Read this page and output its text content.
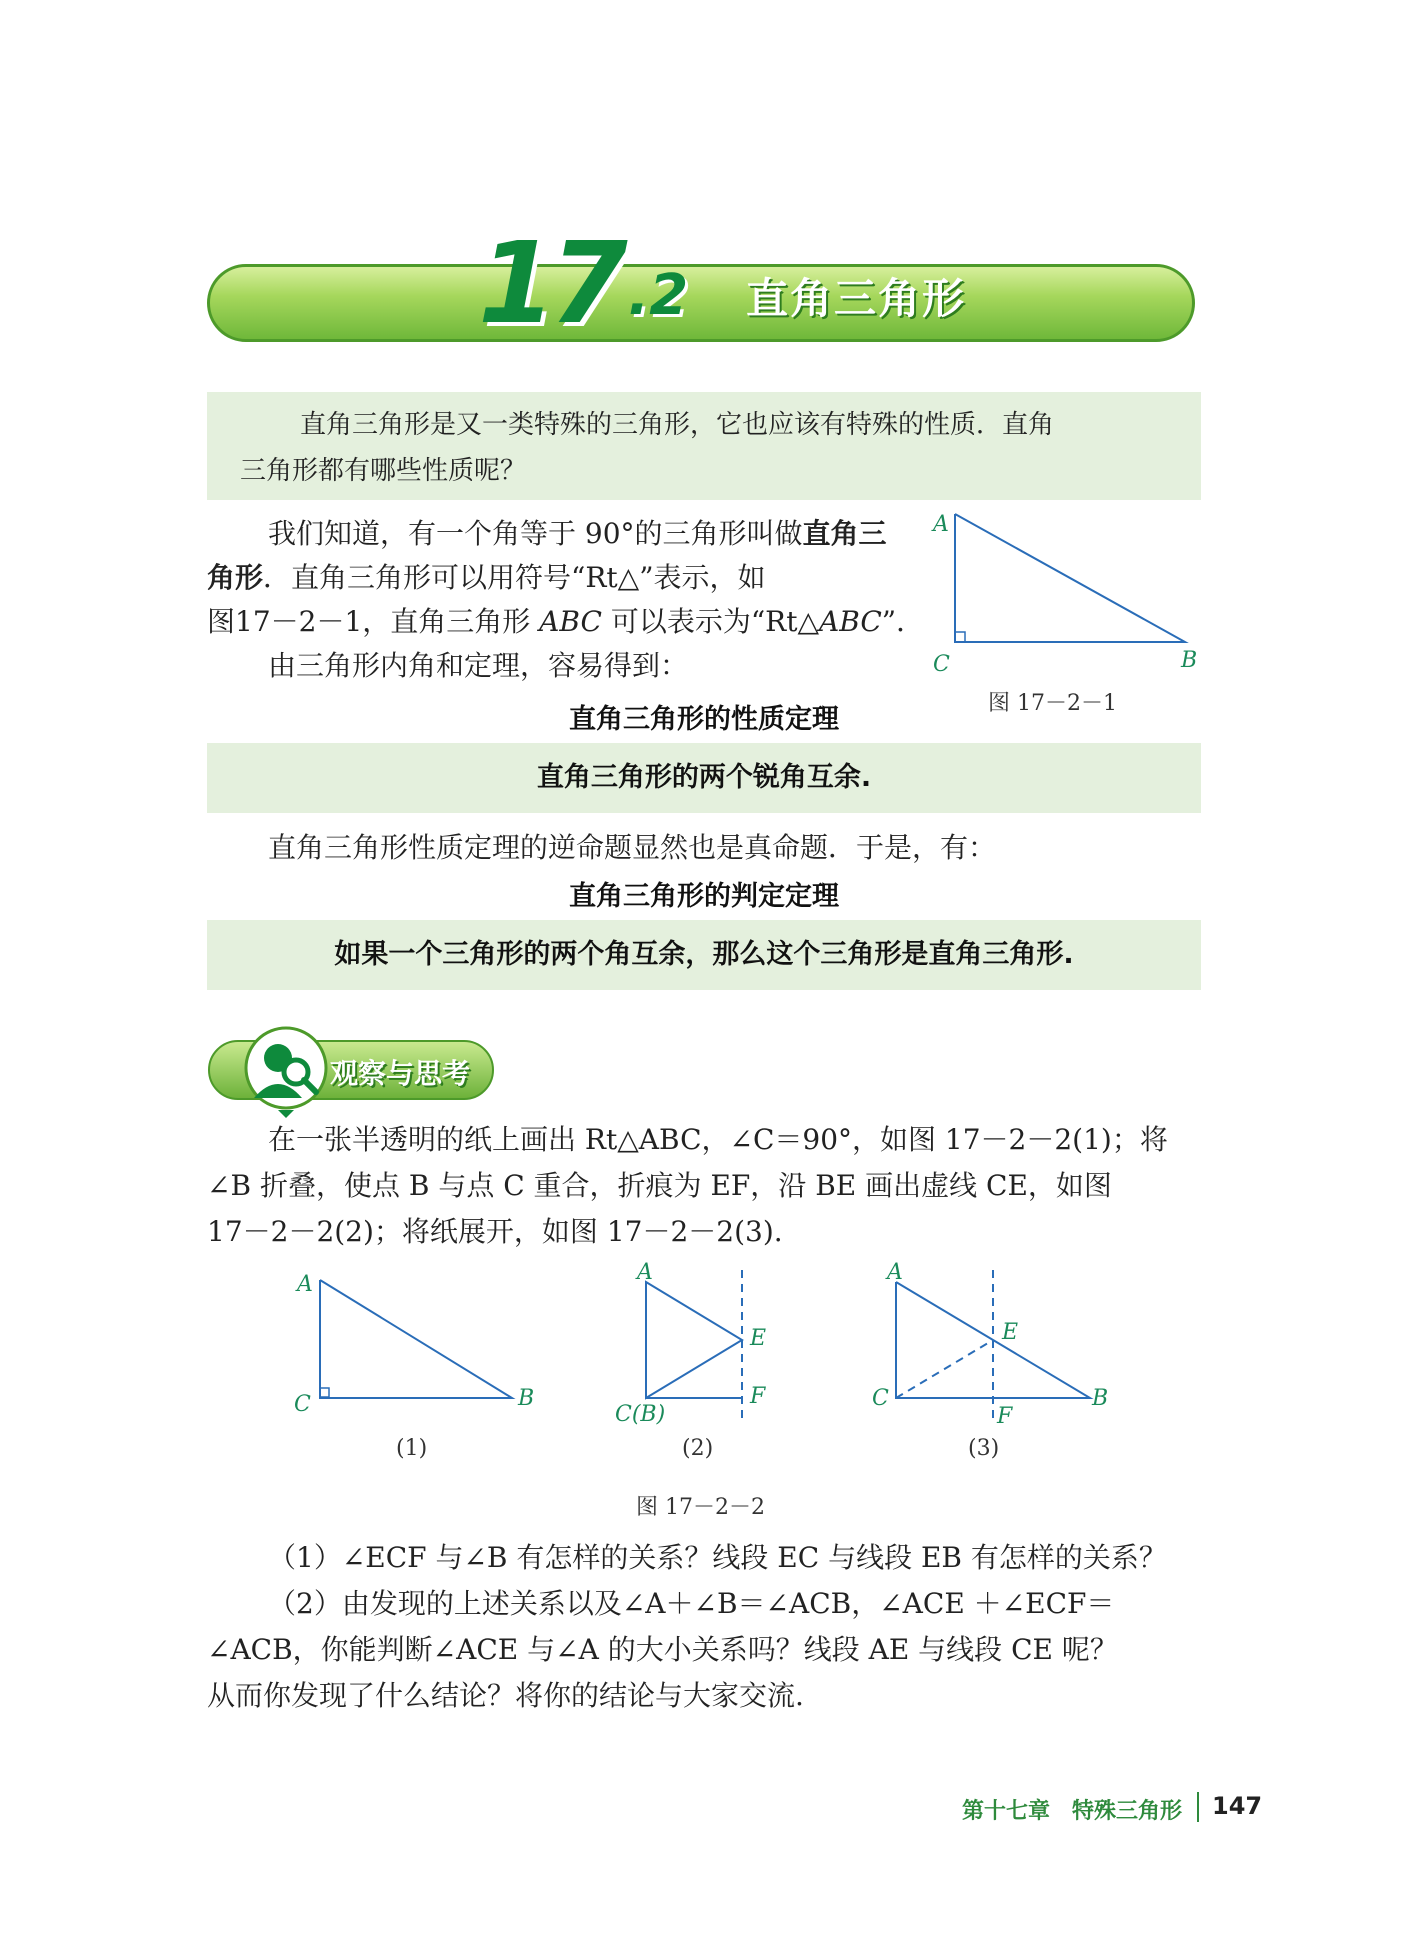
17 .2 直角三角形
直角三角形是又一类特殊的三角形，它也应该有特殊的性质．直角
三角形都有哪些性质呢？
我们知道，有一个角等于 90°的三角形叫做直角三
角形．直角三角形可以用符号“Rt△”表示，如
图17－2－1，直角三角形 ABC 可以表示为“Rt△ABC”．
由三角形内角和定理，容易得到：
A
B
C
图 17－2－1
直角三角形的性质定理
直角三角形的两个锐角互余.
直角三角形性质定理的逆命题显然也是真命题．于是，有：
直角三角形的判定定理
如果一个三角形的两个角互余，那么这个三角形是直角三角形.
观察与思考
在一张半透明的纸上画出 Rt△ABC，∠C＝90°，如图 17－2－2(1)；将
∠B 折叠，使点 B 与点 C 重合，折痕为 EF，沿 BE 画出虚线 CE，如图
17－2－2(2)；将纸展开，如图 17－2－2(3).
A
B
C
(1)
A
E
F
C(B)
(2)
A
E
B
C
F
(3)
图 17－2－2
（1）∠ECF 与∠B 有怎样的关系？线段 EC 与线段 EB 有怎样的关系？
（2）由发现的上述关系以及∠A＋∠B＝∠ACB，∠ACE ＋∠ECF＝
∠ACB，你能判断∠ACE 与∠A 的大小关系吗？线段 AE 与线段 CE 呢？
从而你发现了什么结论？将你的结论与大家交流.
第十七章　特殊三角形 147
